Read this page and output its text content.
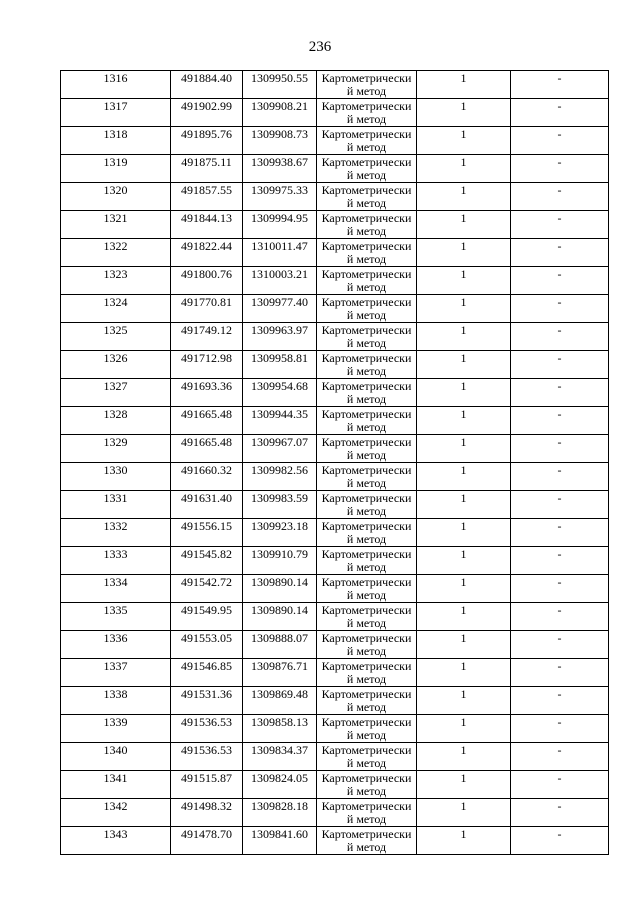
236
1316	491884.40	1309950.55	Картометрически й метод	1	-
1317	491902.99	1309908.21	Картометрически й метод	1	-
1318	491895.76	1309908.73	Картометрически й метод	1	-
1319	491875.11	1309938.67	Картометрически й метод	1	-
1320	491857.55	1309975.33	Картометрически й метод	1	-
1321	491844.13	1309994.95	Картометрически й метод	1	-
1322	491822.44	1310011.47	Картометрически й метод	1	-
1323	491800.76	1310003.21	Картометрически й метод	1	-
1324	491770.81	1309977.40	Картометрически й метод	1	-
1325	491749.12	1309963.97	Картометрически й метод	1	-
1326	491712.98	1309958.81	Картометрически й метод	1	-
1327	491693.36	1309954.68	Картометрически й метод	1	-
1328	491665.48	1309944.35	Картометрически й метод	1	-
1329	491665.48	1309967.07	Картометрически й метод	1	-
1330	491660.32	1309982.56	Картометрически й метод	1	-
1331	491631.40	1309983.59	Картометрически й метод	1	-
1332	491556.15	1309923.18	Картометрически й метод	1	-
1333	491545.82	1309910.79	Картометрически й метод	1	-
1334	491542.72	1309890.14	Картометрически й метод	1	-
1335	491549.95	1309890.14	Картометрически й метод	1	-
1336	491553.05	1309888.07	Картометрически й метод	1	-
1337	491546.85	1309876.71	Картометрически й метод	1	-
1338	491531.36	1309869.48	Картометрически й метод	1	-
1339	491536.53	1309858.13	Картометрически й метод	1	-
1340	491536.53	1309834.37	Картометрически й метод	1	-
1341	491515.87	1309824.05	Картометрически й метод	1	-
1342	491498.32	1309828.18	Картометрически й метод	1	-
1343	491478.70	1309841.60	Картометрически й метод	1	-
